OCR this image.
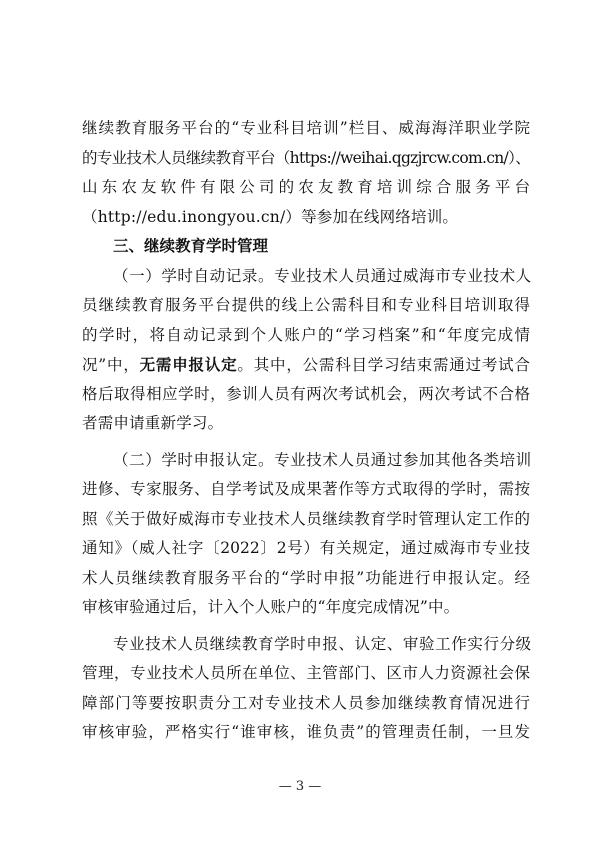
继续教育服务平台的“专业科目培训”栏目、威海海洋职业学院
的专业技术人员继续教育平台（https://weihai.qgzjrcw.com.cn/）、
山东农友软件有限公司的农友教育培训综合服务平台
（http://edu.inongyou.cn/）等参加在线网络培训。

三、继续教育学时管理

（一）学时自动记录。专业技术人员通过威海市专业技术人
员继续教育服务平台提供的线上公需科目和专业科目培训取得
的学时，将自动记录到个人账户的“学习档案”和“年度完成情
况”中，无需申报认定。其中，公需科目学习结束需通过考试合
格后取得相应学时，参训人员有两次考试机会，两次考试不合格
者需申请重新学习。

（二）学时申报认定。专业技术人员通过参加其他各类培训
进修、专家服务、自学考试及成果著作等方式取得的学时，需按
照《关于做好威海市专业技术人员继续教育学时管理认定工作的
通知》（威人社字〔2022〕2号）有关规定，通过威海市专业技
术人员继续教育服务平台的“学时申报”功能进行申报认定。经
审核审验通过后，计入个人账户的“年度完成情况”中。

专业技术人员继续教育学时申报、认定、审验工作实行分级
管理，专业技术人员所在单位、主管部门、区市人力资源社会保
障部门等要按职责分工对专业技术人员参加继续教育情况进行
审核审验，严格实行“谁审核，谁负责”的管理责任制，一旦发

— 3 —
